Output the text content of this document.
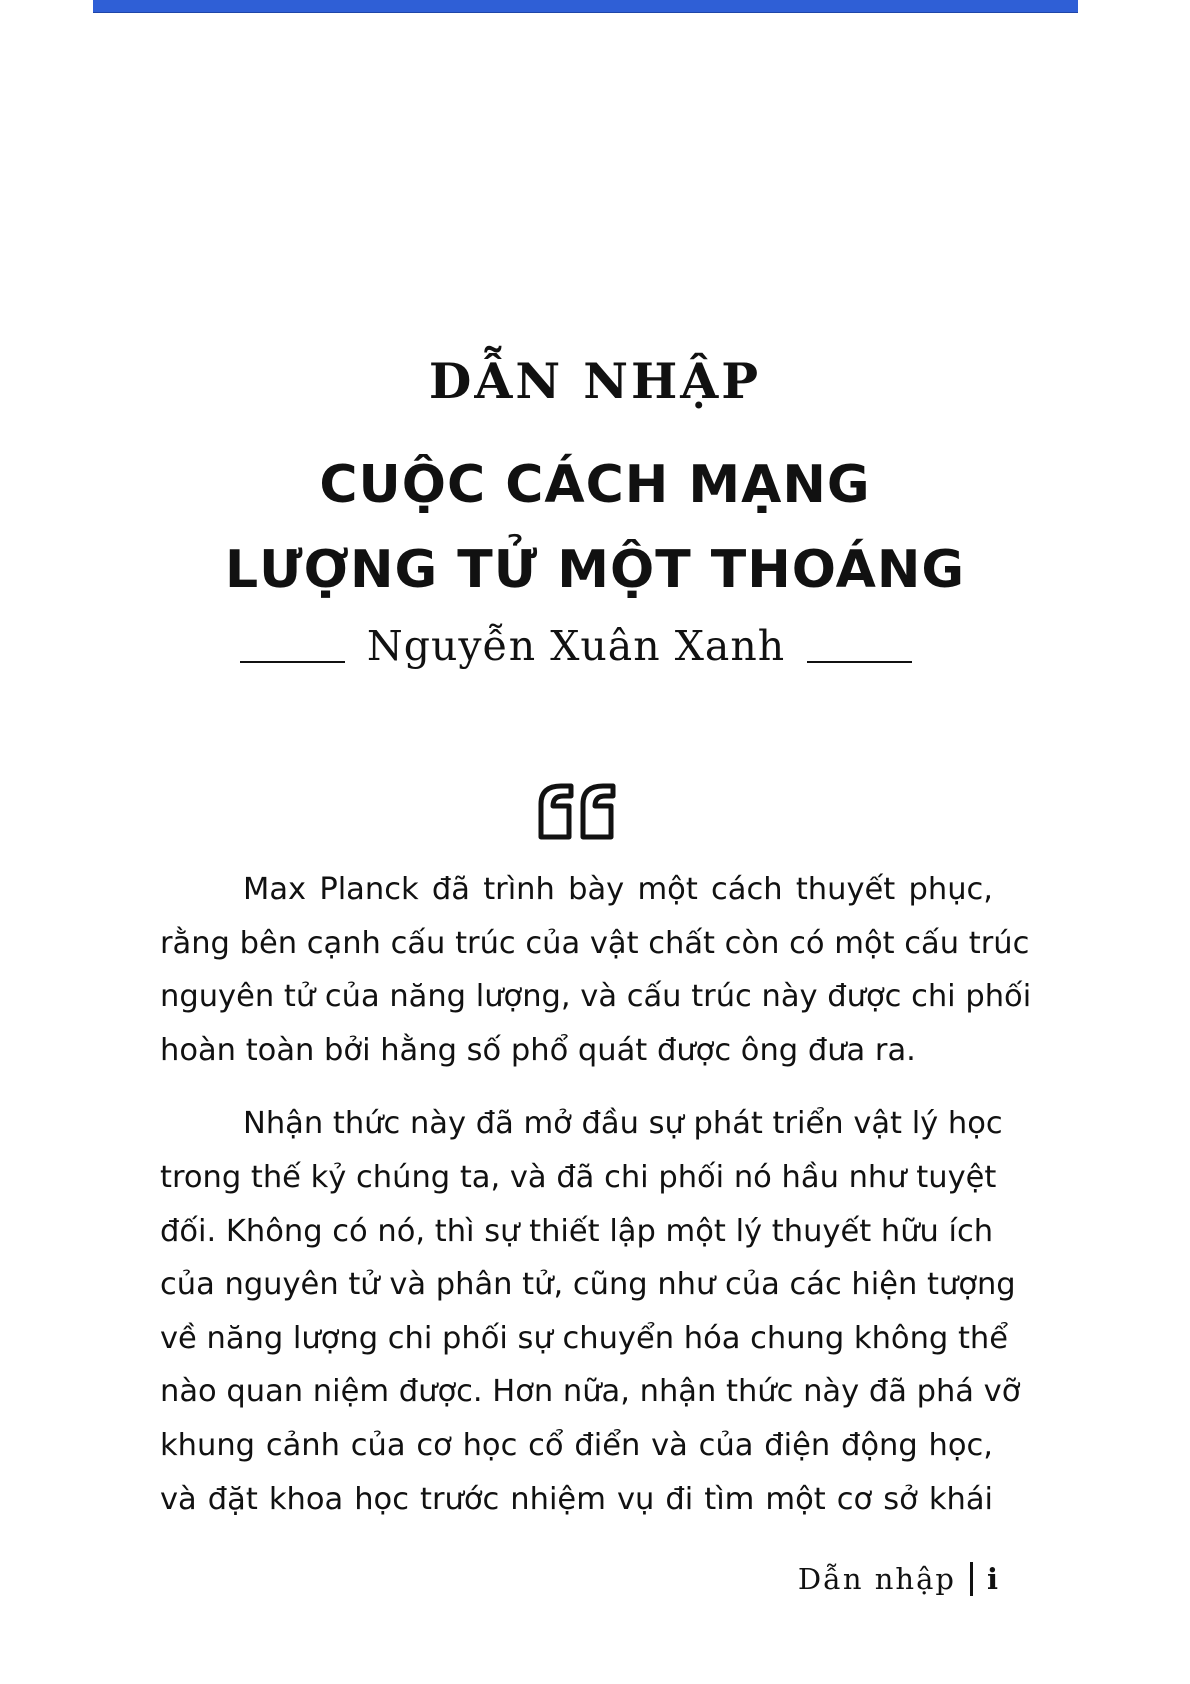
DẪN NHẬP
CUỘC CÁCH MẠNG
LƯỢNG TỬ MỘT THOÁNG
Nguyễn Xuân Xanh
Max Planck đã trình bày một cách thuyết phục,
rằng bên cạnh cấu trúc của vật chất còn có một cấu trúc
nguyên tử của năng lượng, và cấu trúc này được chi phối
hoàn toàn bởi hằng số phổ quát được ông đưa ra.
Nhận thức này đã mở đầu sự phát triển vật lý học
trong thế kỷ chúng ta, và đã chi phối nó hầu như tuyệt
đối. Không có nó, thì sự thiết lập một lý thuyết hữu ích
của nguyên tử và phân tử, cũng như của các hiện tượng
về năng lượng chi phối sự chuyển hóa chung không thể
nào quan niệm được. Hơn nữa, nhận thức này đã phá vỡ
khung cảnh của cơ học cổ điển và của điện động học,
và đặt khoa học trước nhiệm vụ đi tìm một cơ sở khái
Dẫn nhập i
